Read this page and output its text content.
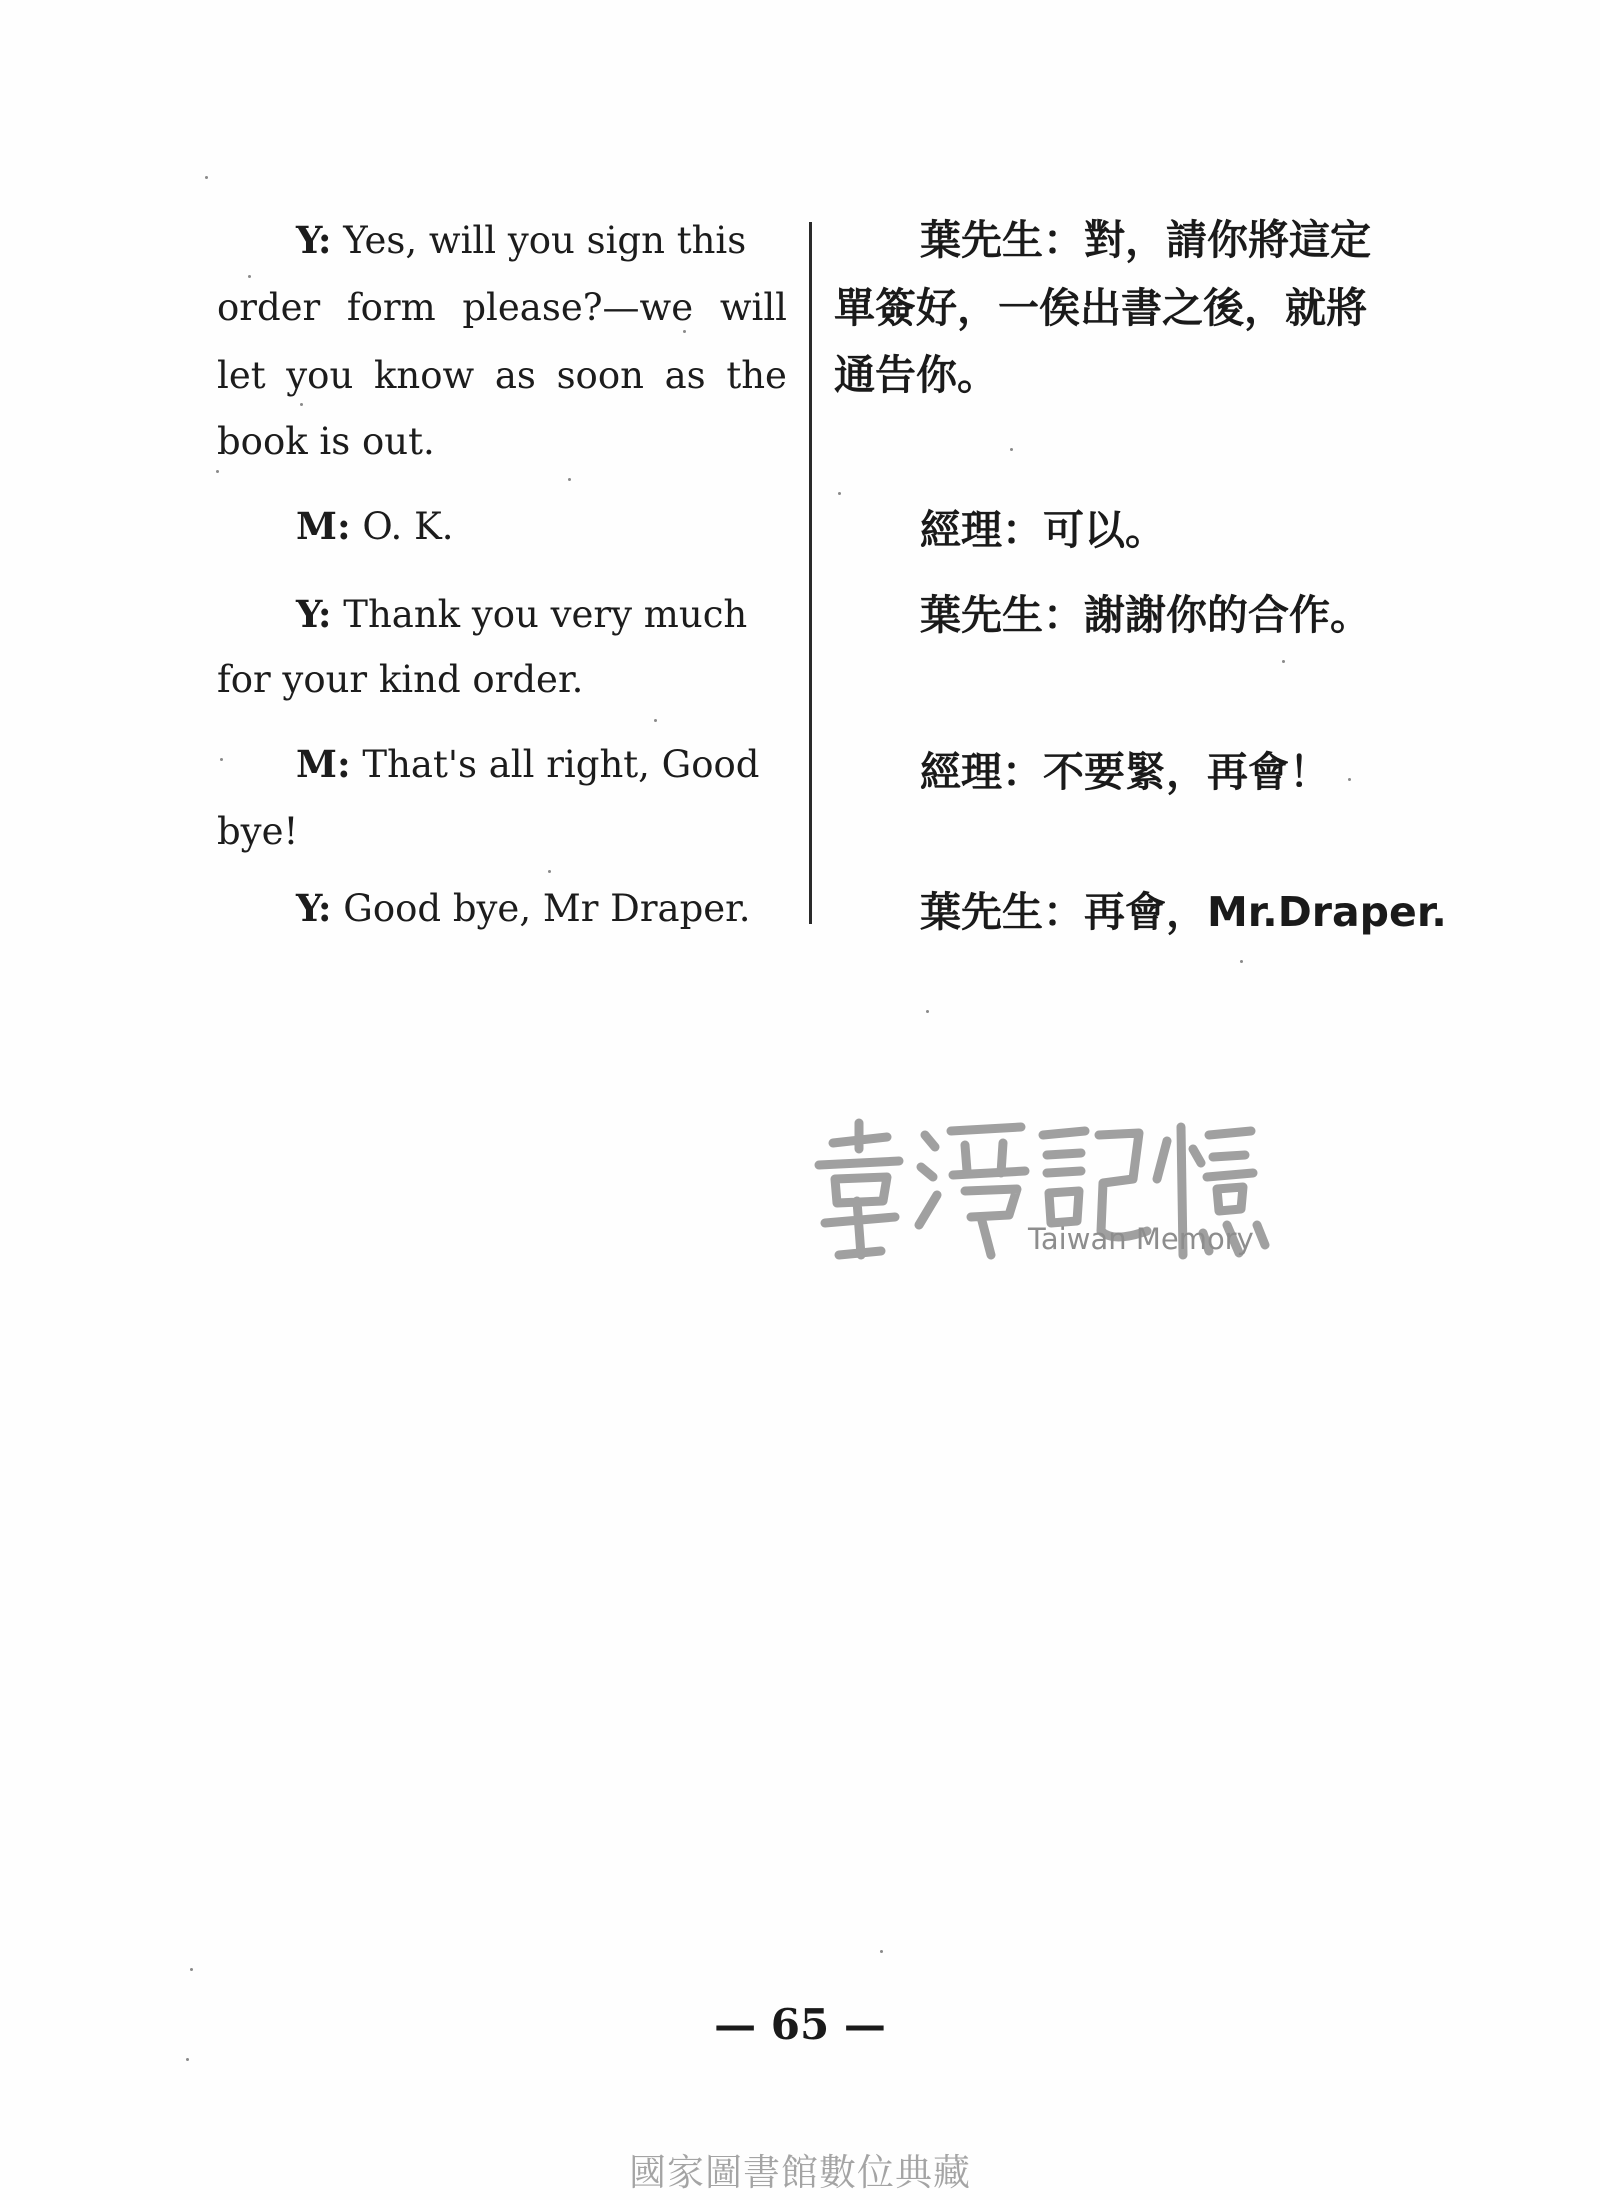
Y: Yes, will you sign this
order form please?—we will
let you know as soon as the
book is out.
M: O. K.
Y: Thank you very much
for your kind order.
M: That's all right, Good
bye!
Y: Good bye, Mr Draper.
葉先生：對，請你將這定
單簽好，一俟出書之後，就將
通告你。
經理：可以。
葉先生：謝謝你的合作。
經理：不要緊，再會！
葉先生：再會，Mr.Draper.
Taiwan Memory
— 65 —
國家圖書館數位典藏
